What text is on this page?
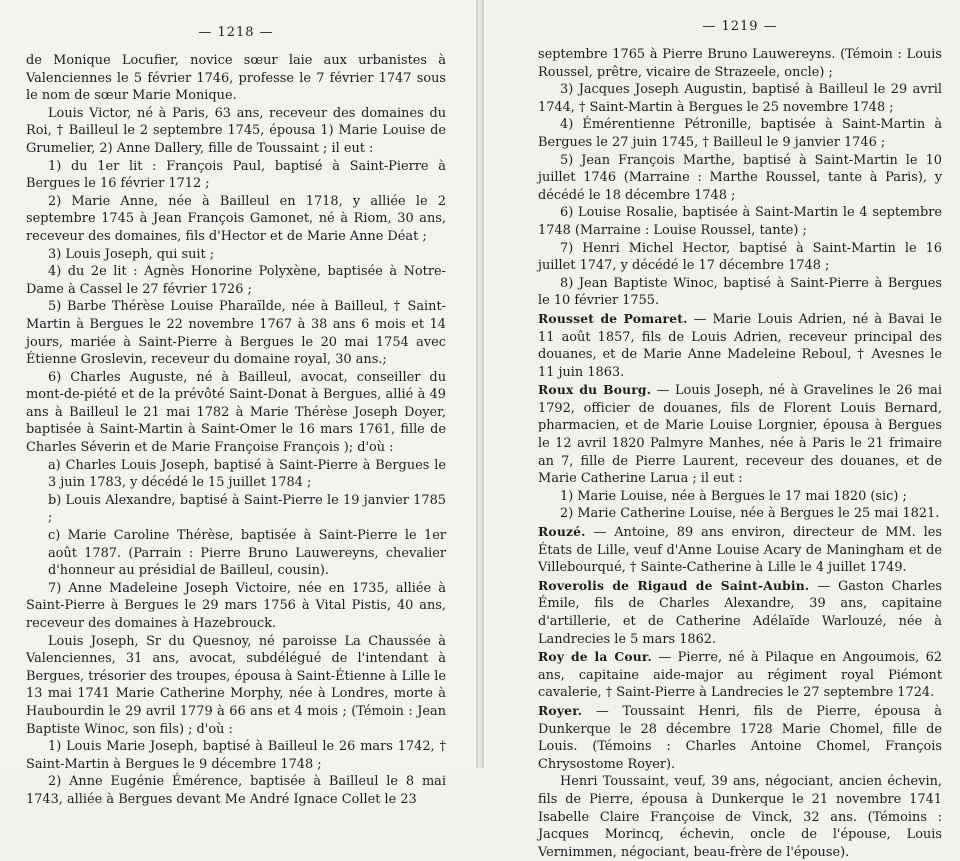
— 1218 —

de Monique Locufier, novice sœur laie aux urbanistes à Valenciennes le 5 février 1746, professe le 7 février 1747 sous le nom de sœur Marie Monique.

Louis Victor, né à Paris, 63 ans, receveur des domaines du Roi, † Bailleul le 2 septembre 1745, épousa 1) Marie Louise de Grumelier, 2) Anne Dallery, fille de Toussaint ; il eut :

1) du 1er lit : François Paul, baptisé à Saint-Pierre à Bergues le 16 février 1712 ;

2) Marie Anne, née à Bailleul en 1718, y alliée le 2 septembre 1745 à Jean François Gamonet, né à Riom, 30 ans, receveur des domaines, fils d'Hector et de Marie Anne Déat ;

3) Louis Joseph, qui suit ;

4) du 2e lit : Agnès Honorine Polyxène, baptisée à Notre-Dame à Cassel le 27 février 1726 ;

5) Barbe Thérèse Louise Pharaïlde, née à Bailleul, † Saint-Martin à Bergues le 22 novembre 1767 à 38 ans 6 mois et 14 jours, mariée à Saint-Pierre à Bergues le 20 mai 1754 avec Étienne Groslevin, receveur du domaine royal, 30 ans.;

6) Charles Auguste, né à Bailleul, avocat, conseiller du mont-de-piété et de la prévôté Saint-Donat à Bergues, allié à 49 ans à Bailleul le 21 mai 1782 à Marie Thérèse Joseph Doyer, baptisée à Saint-Martin à Saint-Omer le 16 mars 1761, fille de Charles Séverin et de Marie Françoise François ); d'où :

a) Charles Louis Joseph, baptisé à Saint-Pierre à Bergues le 3 juin 1783, y décédé le 15 juillet 1784 ;

b) Louis Alexandre, baptisé à Saint-Pierre le 19 janvier 1785 ;

c) Marie Caroline Thérèse, baptisée à Saint-Pierre le 1er août 1787. (Parrain : Pierre Bruno Lauwereyns, chevalier d'honneur au présidial de Bailleul, cousin).

7) Anne Madeleine Joseph Victoire, née en 1735, alliée à Saint-Pierre à Bergues le 29 mars 1756 à Vital Pistis, 40 ans, receveur des domaines à Hazebrouck.

Louis Joseph, Sr du Quesnoy, né paroisse La Chaussée à Valenciennes, 31 ans, avocat, subdélégué de l'intendant à Bergues, trésorier des troupes, épousa à Saint-Étienne à Lille le 13 mai 1741 Marie Catherine Morphy, née à Londres, morte à Haubourdin le 29 avril 1779 à 66 ans et 4 mois ; (Témoin : Jean Baptiste Winoc, son fils) ; d'où :

1) Louis Marie Joseph, baptisé à Bailleul le 26 mars 1742, † Saint-Martin à Bergues le 9 décembre 1748 ;

2) Anne Eugénie Émérence, baptisée à Bailleul le 8 mai 1743, alliée à Bergues devant Me André Ignace Collet le 23

— 1219 —

septembre 1765 à Pierre Bruno Lauwereyns. (Témoin : Louis Roussel, prêtre, vicaire de Strazeele, oncle) ;

3) Jacques Joseph Augustin, baptisé à Bailleul le 29 avril 1744, † Saint-Martin à Bergues le 25 novembre 1748 ;

4) Émérentienne Pétronille, baptisée à Saint-Martin à Bergues le 27 juin 1745, † Bailleul le 9 janvier 1746 ;

5) Jean François Marthe, baptisé à Saint-Martin le 10 juillet 1746 (Marraine : Marthe Roussel, tante à Paris), y décédé le 18 décembre 1748 ;

6) Louise Rosalie, baptisée à Saint-Martin le 4 septembre 1748 (Marraine : Louise Roussel, tante) ;

7) Henri Michel Hector, baptisé à Saint-Martin le 16 juillet 1747, y décédé le 17 décembre 1748 ;

8) Jean Baptiste Winoc, baptisé à Saint-Pierre à Bergues le 10 février 1755.

Rousset de Pomaret. — Marie Louis Adrien, né à Bavai le 11 août 1857, fils de Louis Adrien, receveur principal des douanes, et de Marie Anne Madeleine Reboul, † Avesnes le 11 juin 1863.

Roux du Bourg. — Louis Joseph, né à Gravelines le 26 mai 1792, officier de douanes, fils de Florent Louis Bernard, pharmacien, et de Marie Louise Lorgnier, épousa à Bergues le 12 avril 1820 Palmyre Manhes, née à Paris le 21 frimaire an 7, fille de Pierre Laurent, receveur des douanes, et de Marie Catherine Larua ; il eut :

1) Marie Louise, née à Bergues le 17 mai 1820 (sic) ;

2) Marie Catherine Louise, née à Bergues le 25 mai 1821.

Rouzé. — Antoine, 89 ans environ, directeur de MM. les États de Lille, veuf d'Anne Louise Acary de Maningham et de Villebourqué, † Sainte-Catherine à Lille le 4 juillet 1749.

Roverolis de Rigaud de Saint-Aubin. — Gaston Charles Émile, fils de Charles Alexandre, 39 ans, capitaine d'artillerie, et de Catherine Adélaïde Warlouzé, née à Landrecies le 5 mars 1862.

Roy de la Cour. — Pierre, né à Pilaque en Angoumois, 62 ans, capitaine aide-major au régiment royal Piémont cavalerie, † Saint-Pierre à Landrecies le 27 septembre 1724.

Royer. — Toussaint Henri, fils de Pierre, épousa à Dunkerque le 28 décembre 1728 Marie Chomel, fille de Louis. (Témoins : Charles Antoine Chomel, François Chrysostome Royer).

Henri Toussaint, veuf, 39 ans, négociant, ancien échevin, fils de Pierre, épousa à Dunkerque le 21 novembre 1741 Isabelle Claire Françoise de Vinck, 32 ans. (Témoins : Jacques Morincq, échevin, oncle de l'épouse, Louis Vernimmen, négociant, beau-frère de l'épouse).
